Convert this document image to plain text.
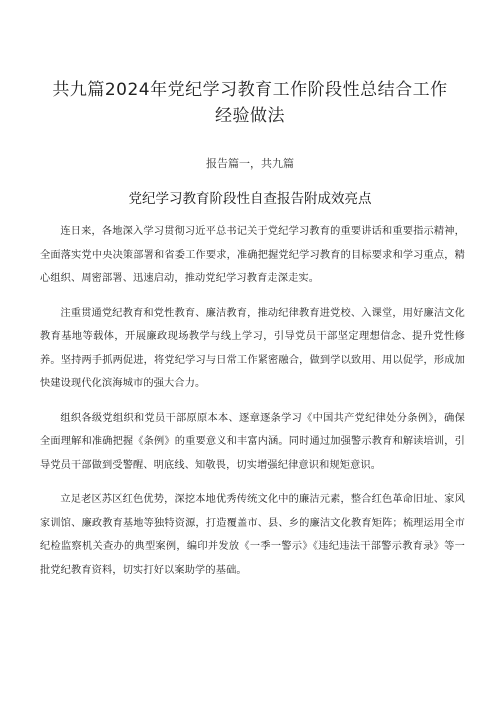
共九篇2024年党纪学习教育工作阶段性总结合工作
经验做法
报告篇一，共九篇
党纪学习教育阶段性自查报告附成效亮点

连日来，各地深入学习贯彻习近平总书记关于党纪学习教育的重要讲话和重要指示精神，全面落实党中央决策部署和省委工作要求，准确把握党纪学习教育的目标要求和学习重点，精心组织、周密部署、迅速启动，推动党纪学习教育走深走实。

注重贯通党纪教育和党性教育、廉洁教育，推动纪律教育进党校、入课堂，用好廉洁文化教育基地等载体，开展廉政现场教学与线上学习，引导党员干部坚定理想信念、提升党性修养。坚持两手抓两促进，将党纪学习与日常工作紧密融合，做到学以致用、用以促学，形成加快建设现代化滨海城市的强大合力。

组织各级党组织和党员干部原原本本、逐章逐条学习《中国共产党纪律处分条例》，确保全面理解和准确把握《条例》的重要意义和丰富内涵。同时通过加强警示教育和解读培训，引导党员干部做到受警醒、明底线、知敬畏，切实增强纪律意识和规矩意识。

立足老区苏区红色优势，深挖本地优秀传统文化中的廉洁元素，整合红色革命旧址、家风家训馆、廉政教育基地等独特资源，打造覆盖市、县、乡的廉洁文化教育矩阵；梳理运用全市纪检监察机关查办的典型案例，编印并发放《一季一警示》《违纪违法干部警示教育录》等一批党纪教育资料，切实打好以案助学的基础。
